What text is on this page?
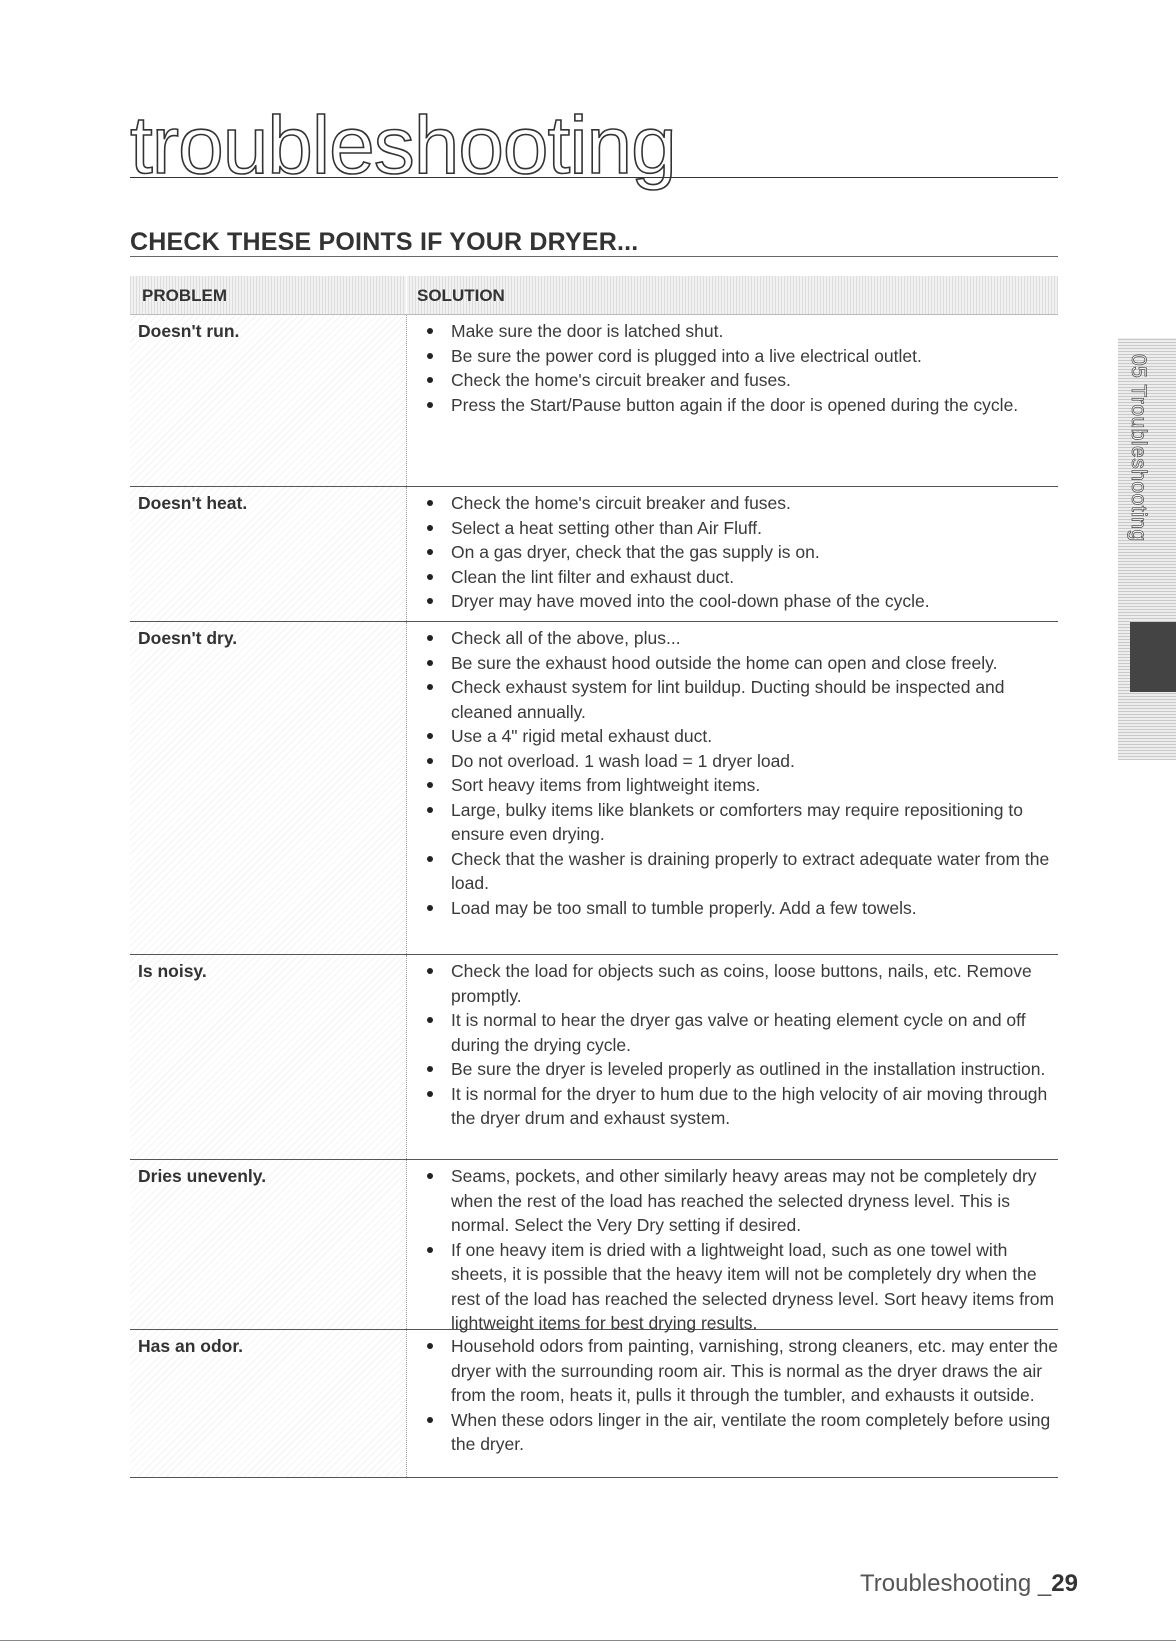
troubleshooting
CHECK THESE POINTS IF YOUR DRYER...
PROBLEM	SOLUTION
Doesn't run.	Make sure the door is latched shut.
Be sure the power cord is plugged into a live electrical outlet.
Check the home's circuit breaker and fuses.
Press the Start/Pause button again if the door is opened during the cycle.
Doesn't heat.	Check the home's circuit breaker and fuses.
Select a heat setting other than Air Fluff.
On a gas dryer, check that the gas supply is on.
Clean the lint filter and exhaust duct.
Dryer may have moved into the cool-down phase of the cycle.
Doesn't dry.	Check all of the above, plus...
Be sure the exhaust hood outside the home can open and close freely.
Check exhaust system for lint buildup. Ducting should be inspected and cleaned annually.
Use a 4" rigid metal exhaust duct.
Do not overload. 1 wash load = 1 dryer load.
Sort heavy items from lightweight items.
Large, bulky items like blankets or comforters may require repositioning to ensure even drying.
Check that the washer is draining properly to extract adequate water from the load.
Load may be too small to tumble properly. Add a few towels.
Is noisy.	Check the load for objects such as coins, loose buttons, nails, etc. Remove promptly.
It is normal to hear the dryer gas valve or heating element cycle on and off during the drying cycle.
Be sure the dryer is leveled properly as outlined in the installation instruction.
It is normal for the dryer to hum due to the high velocity of air moving through the dryer drum and exhaust system.
Dries unevenly.	Seams, pockets, and other similarly heavy areas may not be completely dry when the rest of the load has reached the selected dryness level. This is normal. Select the Very Dry setting if desired.
If one heavy item is dried with a lightweight load, such as one towel with sheets, it is possible that the heavy item will not be completely dry when the rest of the load has reached the selected dryness level. Sort heavy items from lightweight items for best drying results.
Has an odor.	Household odors from painting, varnishing, strong cleaners, etc. may enter the dryer with the surrounding room air. This is normal as the dryer draws the air from the room, heats it, pulls it through the tumbler, and exhausts it outside.
When these odors linger in the air, ventilate the room completely before using the dryer.
05 Troubleshooting
Troubleshooting _29
